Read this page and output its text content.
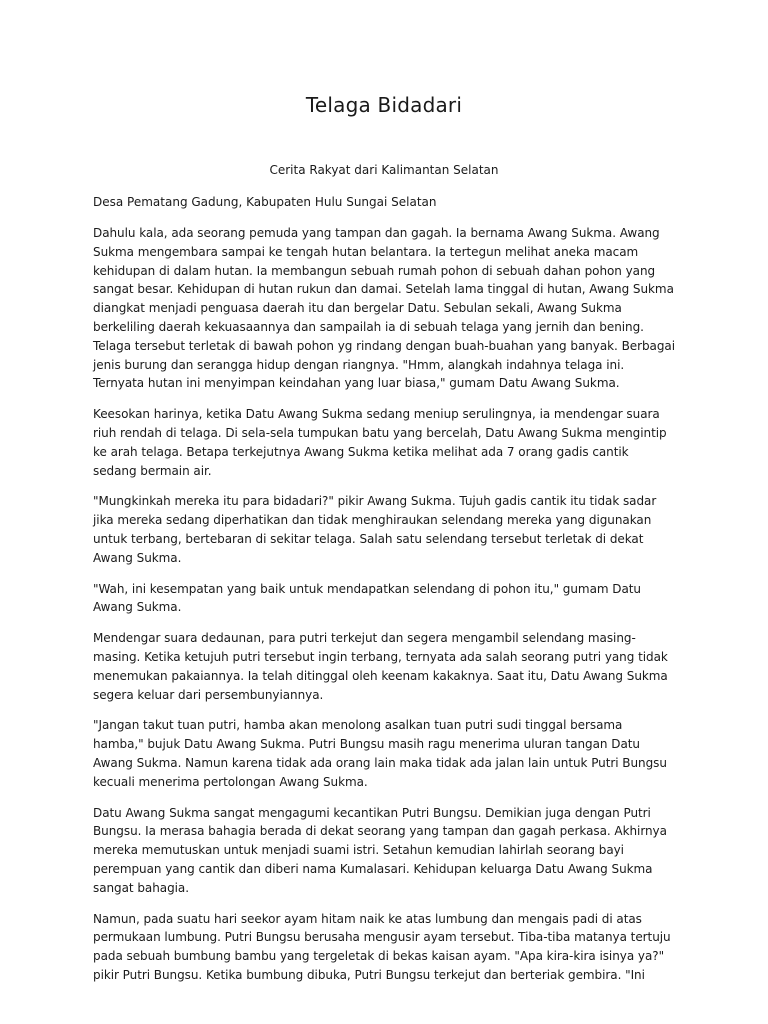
Telaga Bidadari

Cerita Rakyat dari Kalimantan Selatan

Desa Pematang Gadung, Kabupaten Hulu Sungai Selatan

Dahulu kala, ada seorang pemuda yang tampan dan gagah. Ia bernama Awang Sukma. Awang Sukma mengembara sampai ke tengah hutan belantara. Ia tertegun melihat aneka macam kehidupan di dalam hutan. Ia membangun sebuah rumah pohon di sebuah dahan pohon yang sangat besar. Kehidupan di hutan rukun dan damai. Setelah lama tinggal di hutan, Awang Sukma diangkat menjadi penguasa daerah itu dan bergelar Datu. Sebulan sekali, Awang Sukma berkeliling daerah kekuasaannya dan sampailah ia di sebuah telaga yang jernih dan bening. Telaga tersebut terletak di bawah pohon yg rindang dengan buah-buahan yang banyak. Berbagai jenis burung dan serangga hidup dengan riangnya. "Hmm, alangkah indahnya telaga ini. Ternyata hutan ini menyimpan keindahan yang luar biasa," gumam Datu Awang Sukma.

Keesokan harinya, ketika Datu Awang Sukma sedang meniup serulingnya, ia mendengar suara riuh rendah di telaga. Di sela-sela tumpukan batu yang bercelah, Datu Awang Sukma mengintip ke arah telaga. Betapa terkejutnya Awang Sukma ketika melihat ada 7 orang gadis cantik sedang bermain air.

"Mungkinkah mereka itu para bidadari?" pikir Awang Sukma. Tujuh gadis cantik itu tidak sadar jika mereka sedang diperhatikan dan tidak menghiraukan selendang mereka yang digunakan untuk terbang, bertebaran di sekitar telaga. Salah satu selendang tersebut terletak di dekat Awang Sukma.

"Wah, ini kesempatan yang baik untuk mendapatkan selendang di pohon itu," gumam Datu Awang Sukma.

Mendengar suara dedaunan, para putri terkejut dan segera mengambil selendang masing-masing. Ketika ketujuh putri tersebut ingin terbang, ternyata ada salah seorang putri yang tidak menemukan pakaiannya. Ia telah ditinggal oleh keenam kakaknya. Saat itu, Datu Awang Sukma segera keluar dari persembunyiannya.

"Jangan takut tuan putri, hamba akan menolong asalkan tuan putri sudi tinggal bersama hamba," bujuk Datu Awang Sukma. Putri Bungsu masih ragu menerima uluran tangan Datu Awang Sukma. Namun karena tidak ada orang lain maka tidak ada jalan lain untuk Putri Bungsu kecuali menerima pertolongan Awang Sukma.

Datu Awang Sukma sangat mengagumi kecantikan Putri Bungsu. Demikian juga dengan Putri Bungsu. Ia merasa bahagia berada di dekat seorang yang tampan dan gagah perkasa. Akhirnya mereka memutuskan untuk menjadi suami istri. Setahun kemudian lahirlah seorang bayi perempuan yang cantik dan diberi nama Kumalasari. Kehidupan keluarga Datu Awang Sukma sangat bahagia.

Namun, pada suatu hari seekor ayam hitam naik ke atas lumbung dan mengais padi di atas permukaan lumbung. Putri Bungsu berusaha mengusir ayam tersebut. Tiba-tiba matanya tertuju pada sebuah bumbung bambu yang tergeletak di bekas kaisan ayam. "Apa kira-kira isinya ya?" pikir Putri Bungsu. Ketika bumbung dibuka, Putri Bungsu terkejut dan berteriak gembira. "Ini
